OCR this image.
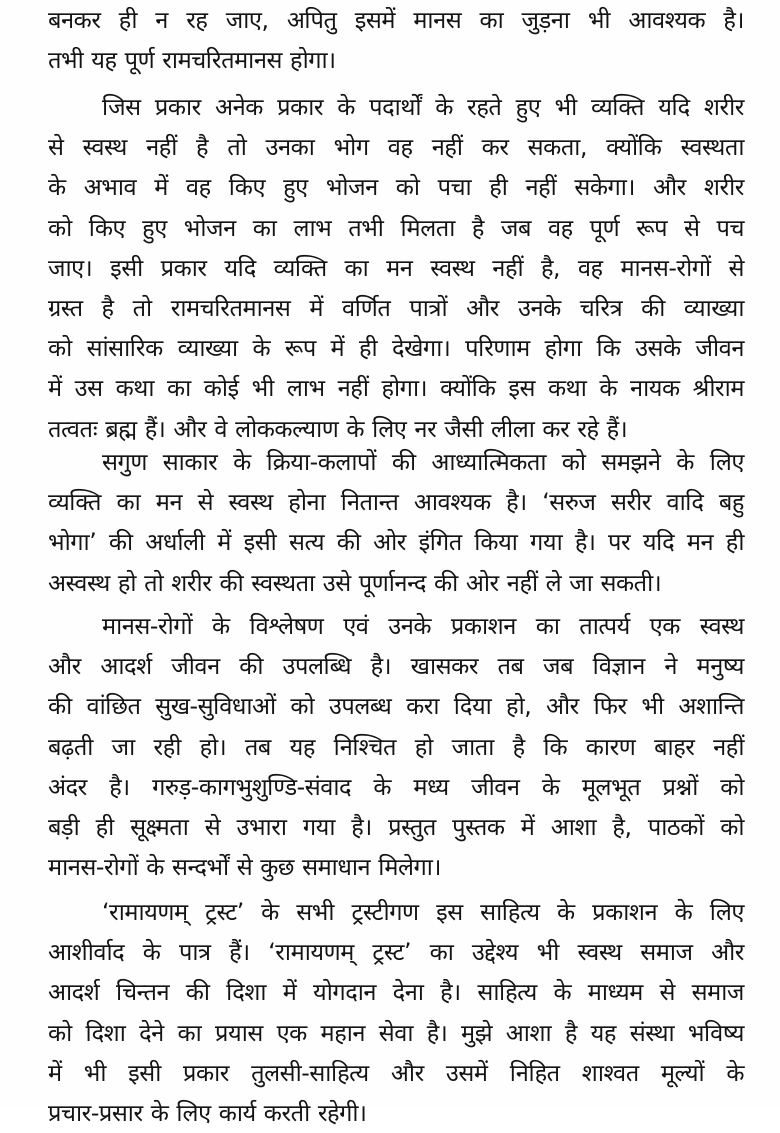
बनकर ही न रह जाए, अपितु इसमें मानस का जुड़ना भी आवश्यक है।
तभी यह पूर्ण रामचरितमानस होगा।
जिस प्रकार अनेक प्रकार के पदार्थों के रहते हुए भी व्यक्ति यदि शरीर
से स्वस्थ नहीं है तो उनका भोग वह नहीं कर सकता, क्योंकि स्वस्थता
के अभाव में वह किए हुए भोजन को पचा ही नहीं सकेगा। और शरीर
को किए हुए भोजन का लाभ तभी मिलता है जब वह पूर्ण रूप से पच
जाए। इसी प्रकार यदि व्यक्ति का मन स्वस्थ नहीं है, वह मानस-रोगों से
ग्रस्त है तो रामचरितमानस में वर्णित पात्रों और उनके चरित्र की व्याख्या
को सांसारिक व्याख्या के रूप में ही देखेगा। परिणाम होगा कि उसके जीवन
में उस कथा का कोई भी लाभ नहीं होगा। क्योंकि इस कथा के नायक श्रीराम
तत्वतः ब्रह्म हैं। और वे लोककल्याण के लिए नर जैसी लीला कर रहे हैं।
सगुण साकार के क्रिया-कलापों की आध्यात्मिकता को समझने के लिए
व्यक्ति का मन से स्वस्थ होना नितान्त आवश्यक है। ‘सरुज सरीर वादि बहु
भोगा’ की अर्धाली में इसी सत्य की ओर इंगित किया गया है। पर यदि मन ही
अस्वस्थ हो तो शरीर की स्वस्थता उसे पूर्णानन्द की ओर नहीं ले जा सकती।
मानस-रोगों के विश्लेषण एवं उनके प्रकाशन का तात्पर्य एक स्वस्थ
और आदर्श जीवन की उपलब्धि है। खासकर तब जब विज्ञान ने मनुष्य
की वांछित सुख-सुविधाओं को उपलब्ध करा दिया हो, और फिर भी अशान्ति
बढ़ती जा रही हो। तब यह निश्चित हो जाता है कि कारण बाहर नहीं
अंदर है। गरुड़-कागभुशुण्डि-संवाद के मध्य जीवन के मूलभूत प्रश्नों को
बड़ी ही सूक्ष्मता से उभारा गया है। प्रस्तुत पुस्तक में आशा है, पाठकों को
मानस-रोगों के सन्दर्भों से कुछ समाधान मिलेगा।
‘रामायणम् ट्रस्ट’ के सभी ट्रस्टीगण इस साहित्य के प्रकाशन के लिए
आशीर्वाद के पात्र हैं। ‘रामायणम् ट्रस्ट’ का उद्देश्य भी स्वस्थ समाज और
आदर्श चिन्तन की दिशा में योगदान देना है। साहित्य के माध्यम से समाज
को दिशा देने का प्रयास एक महान सेवा है। मुझे आशा है यह संस्था भविष्य
में भी इसी प्रकार तुलसी-साहित्य और उसमें निहित शाश्वत मूल्यों के
प्रचार-प्रसार के लिए कार्य करती रहेगी।
